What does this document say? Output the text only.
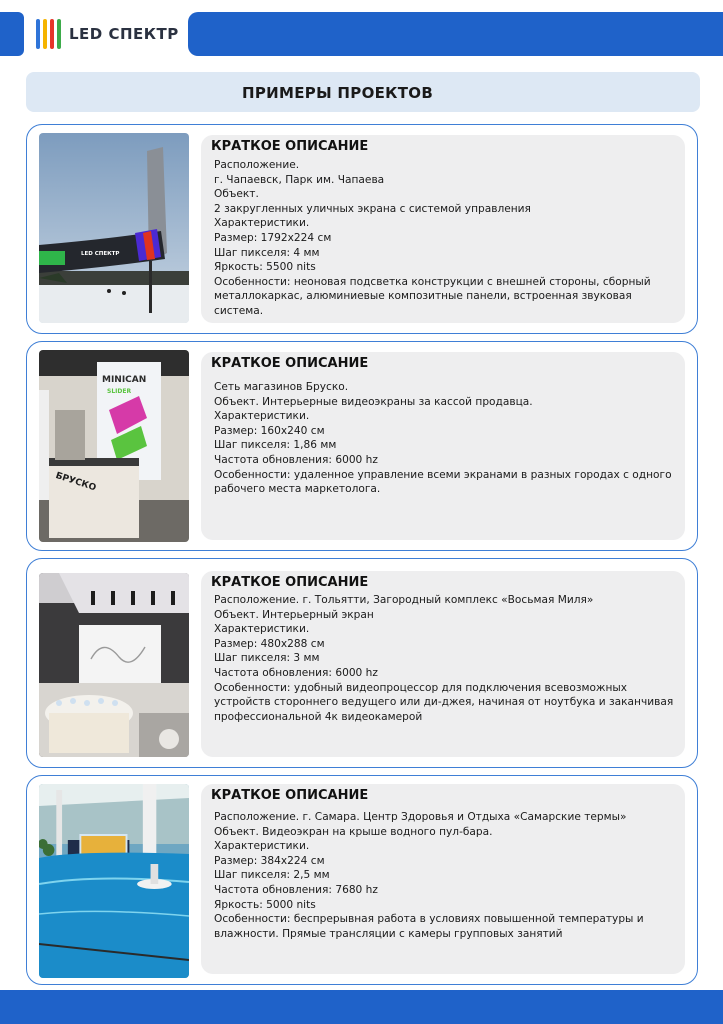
LED СПЕКТР
ПРИМЕРЫ ПРОЕКТОВ
LED СПЕКТР
КРАТКОЕ ОПИСАНИЕ
Расположение.
г. Чапаевск, Парк им. Чапаева
Объект.
2 закругленных уличных экрана с системой управления
Характеристики.
Размер: 1792х224 см
Шаг пикселя: 4 мм
Яркость: 5500 nits
Особенности: неоновая подсветка конструкции с внешней стороны, сборный металлокаркас, алюминиевые композитные панели, встроенная звуковая система.
MINICAN
SLIDER
БРУСКО
КРАТКОЕ ОПИСАНИЕ
Сеть магазинов Бруско.
Объект. Интерьерные видеоэкраны за кассой продавца.
Характеристики.
Размер: 160х240 см
Шаг пикселя: 1,86 мм
Частота обновления: 6000 hz
Особенности: удаленное управление всеми экранами в разных городах с одного рабочего места маркетолога.
КРАТКОЕ ОПИСАНИЕ
Расположение. г. Тольятти, Загородный комплекс «Восьмая Миля»
Объект. Интерьерный экран
Характеристики.
Размер: 480х288 см
Шаг пикселя: 3 мм
Частота обновления: 6000 hz
Особенности: удобный видеопроцессор для подключения всевозможных устройств стороннего ведущего или ди-джея, начиная от ноутбука и заканчивая профессиональной 4к видеокамерой
КРАТКОЕ ОПИСАНИЕ
Расположение. г. Самара. Центр Здоровья и Отдыха «Самарские термы»
Объект. Видеоэкран на крыше водного пул-бара.
Характеристики.
Размер: 384х224 см
Шаг пикселя: 2,5 мм
Частота обновления: 7680 hz
Яркость: 5000 nits
Особенности: беспрерывная работа в условиях повышенной температуры и влажности. Прямые трансляции с камеры групповых занятий
